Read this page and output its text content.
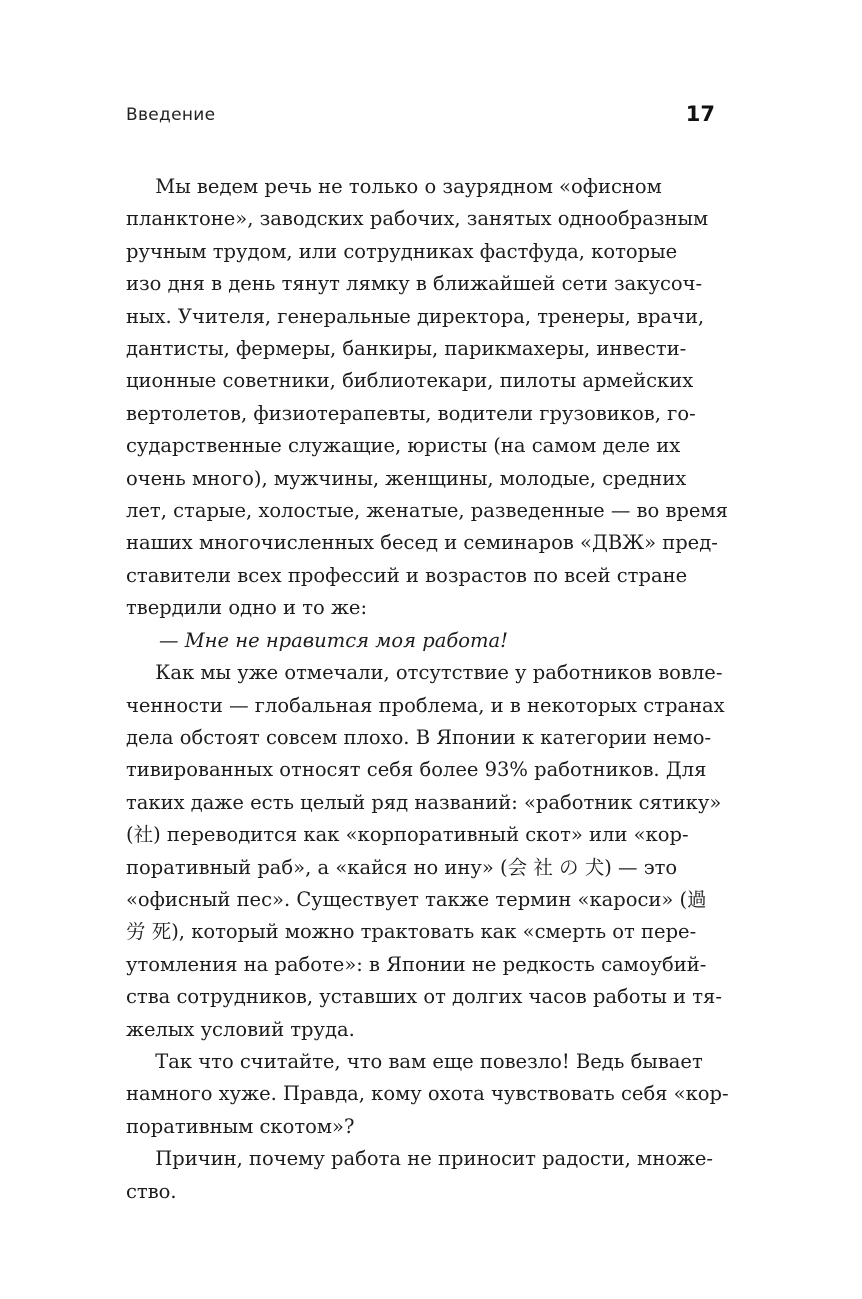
Введение	17

  Мы ведем речь не только о заурядном «офисном
планктоне», заводских рабочих, занятых однообразным
ручным трудом, или сотрудниках фастфуда, которые
изо дня в день тянут лямку в ближайшей сети закусоч-
ных. Учителя, генеральные директора, тренеры, врачи,
дантисты, фермеры, банкиры, парикмахеры, инвести-
ционные советники, библиотекари, пилоты армейских
вертолетов, физиотерапевты, водители грузовиков, го-
сударственные служащие, юристы (на самом деле их
очень много), мужчины, женщины, молодые, средних
лет, старые, холостые, женатые, разведенные — во время
наших многочисленных бесед и семинаров «ДВЖ» пред-
ставители всех профессий и возрастов по всей стране
твердили одно и то же:

— Мне не нравится моя работа!

  Как мы уже отмечали, отсутствие у работников вовле-
ченности — глобальная проблема, и в некоторых странах
дела обстоят совсем плохо. В Японии к категории немо-
тивированных относят себя более 93% работников. Для
таких даже есть целый ряд названий: «работник сятику»
(社) переводится как «корпоративный скот» или «кор-
поративный раб», а «кайся но ину» (会 社 の 犬) — это
«офисный пес». Существует также термин «кароси» (過
労 死), который можно трактовать как «смерть от пере-
утомления на работе»: в Японии не редкость самоубий-
ства сотрудников, уставших от долгих часов работы и тя-
желых условий труда.

  Так что считайте, что вам еще повезло! Ведь бывает
намного хуже. Правда, кому охота чувствовать себя «кор-
поративным скотом»?

  Причин, почему работа не приносит радости, множе-
ство.
